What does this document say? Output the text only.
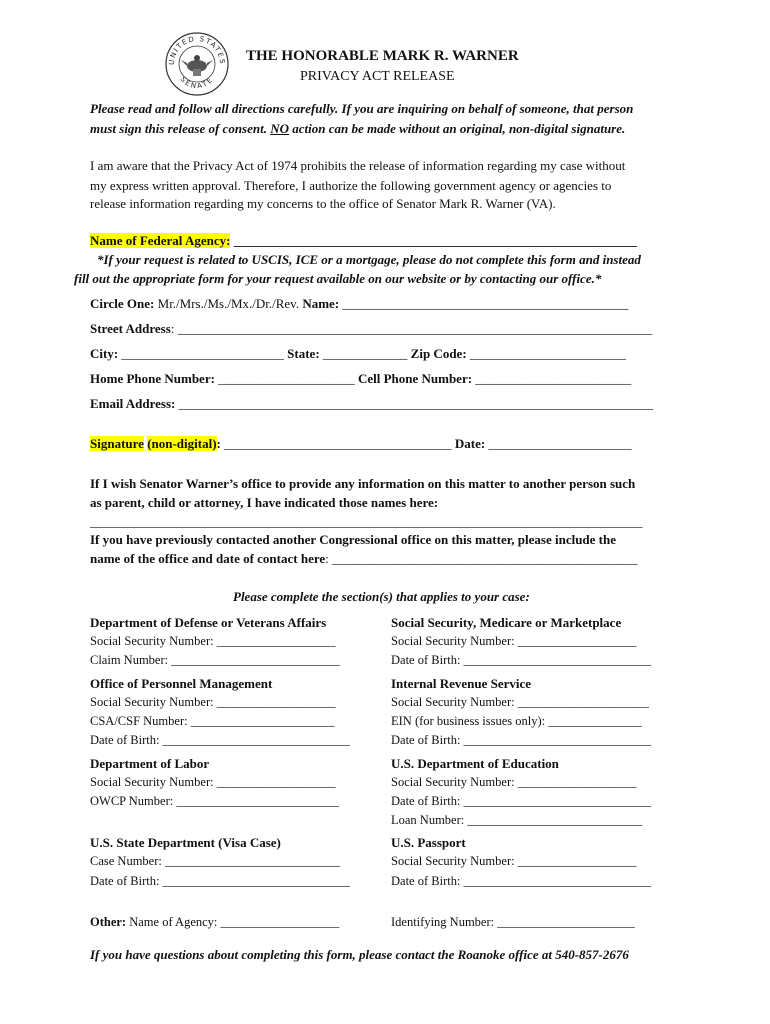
UNITED STATES
SENATE
THE HONORABLE MARK R. WARNER
PRIVACY ACT RELEASE
Please read and follow all directions carefully. If you are inquiring on behalf of someone, that person
must sign this release of consent. NO action can be made without an original, non-digital signature.
I am aware that the Privacy Act of 1974 prohibits the release of information regarding my case without
my express written approval. Therefore, I authorize the following government agency or agencies to
release information regarding my concerns to the office of Senator Mark R. Warner (VA).
Name of Federal Agency: ______________________________________________________________
*If your request is related to USCIS, ICE or a mortgage, please do not complete this form and instead
fill out the appropriate form for your request available on our website or by contacting our office.*
Circle One: Mr./Mrs./Ms./Mx./Dr./Rev. Name: ____________________________________________
Street Address: _________________________________________________________________________
City: _________________________ State: _____________ Zip Code: ________________________
Home Phone Number: _____________________ Cell Phone Number: ________________________
Email Address: _________________________________________________________________________
Signature (non-digital): ___________________________________ Date: ______________________
If I wish Senator Warner’s office to provide any information on this matter to another person such
as parent, child or attorney, I have indicated those names here:
_____________________________________________________________________________________
If you have previously contacted another Congressional office on this matter, please include the
name of the office and date of contact here: _______________________________________________
Please complete the section(s) that applies to your case:
Department of Defense or Veterans Affairs
Social Security Number: ___________________
Claim Number: ___________________________
Office of Personnel Management
Social Security Number: ___________________
CSA/CSF Number: _______________________
Date of Birth: ______________________________
Department of Labor
Social Security Number: ___________________
OWCP Number: __________________________
U.S. State Department (Visa Case)
Case Number: ____________________________
Date of Birth: ______________________________
Social Security, Medicare or Marketplace
Social Security Number: ___________________
Date of Birth: ______________________________
Internal Revenue Service
Social Security Number: _____________________
EIN (for business issues only): _______________
Date of Birth: ______________________________
U.S. Department of Education
Social Security Number: ___________________
Date of Birth: ______________________________
Loan Number: ____________________________
U.S. Passport
Social Security Number: ___________________
Date of Birth: ______________________________
Other: Name of Agency: ___________________	Identifying Number: ______________________
If you have questions about completing this form, please contact the Roanoke office at 540-857-2676
